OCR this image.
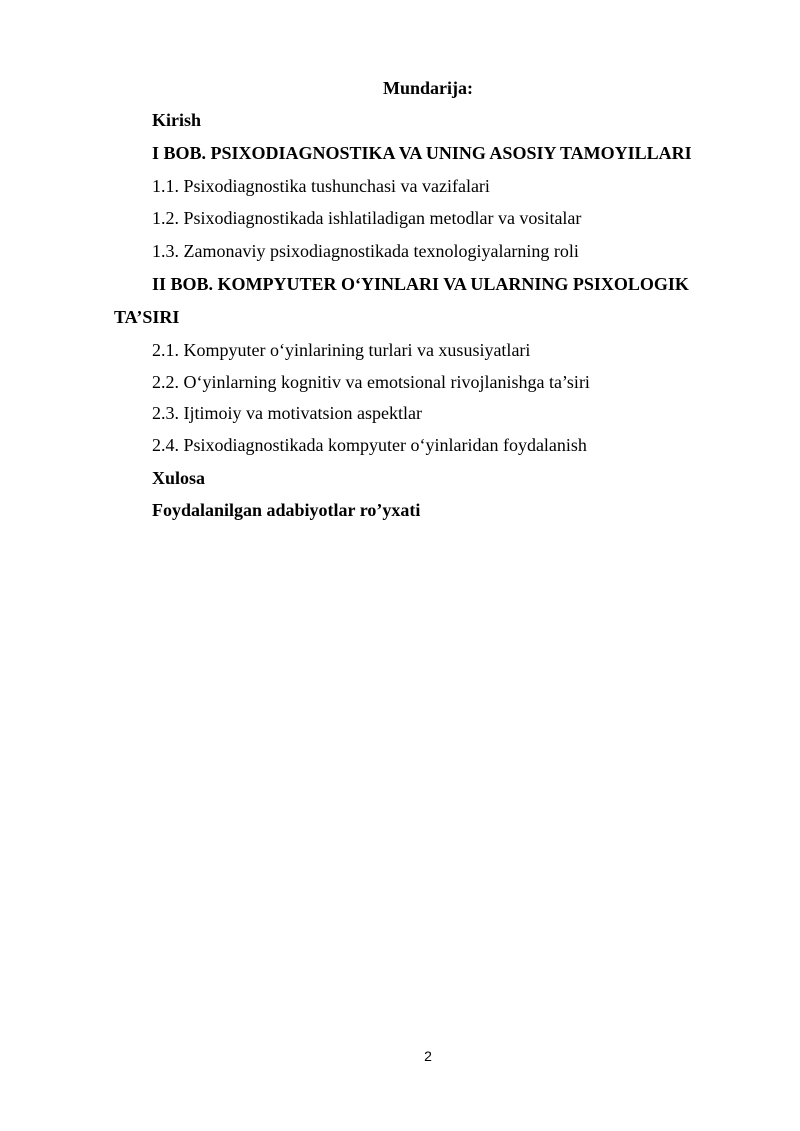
Mundarija:
Kirish
I BOB. PSIXODIAGNOSTIKA VA UNING ASOSIY TAMOYILLARI
1.1. Psixodiagnostika tushunchasi va vazifalari
1.2. Psixodiagnostikada ishlatiladigan metodlar va vositalar
1.3. Zamonaviy psixodiagnostikada texnologiyalarning roli
II BOB. KOMPYUTER O‘YINLARI VA ULARNING PSIXOLOGIK
TA’SIRI
2.1. Kompyuter o‘yinlarining turlari va xususiyatlari
2.2. O‘yinlarning kognitiv va emotsional rivojlanishga ta’siri
2.3. Ijtimoiy va motivatsion aspektlar
2.4. Psixodiagnostikada kompyuter o‘yinlaridan foydalanish
Xulosa
Foydalanilgan adabiyotlar ro’yxati
2
